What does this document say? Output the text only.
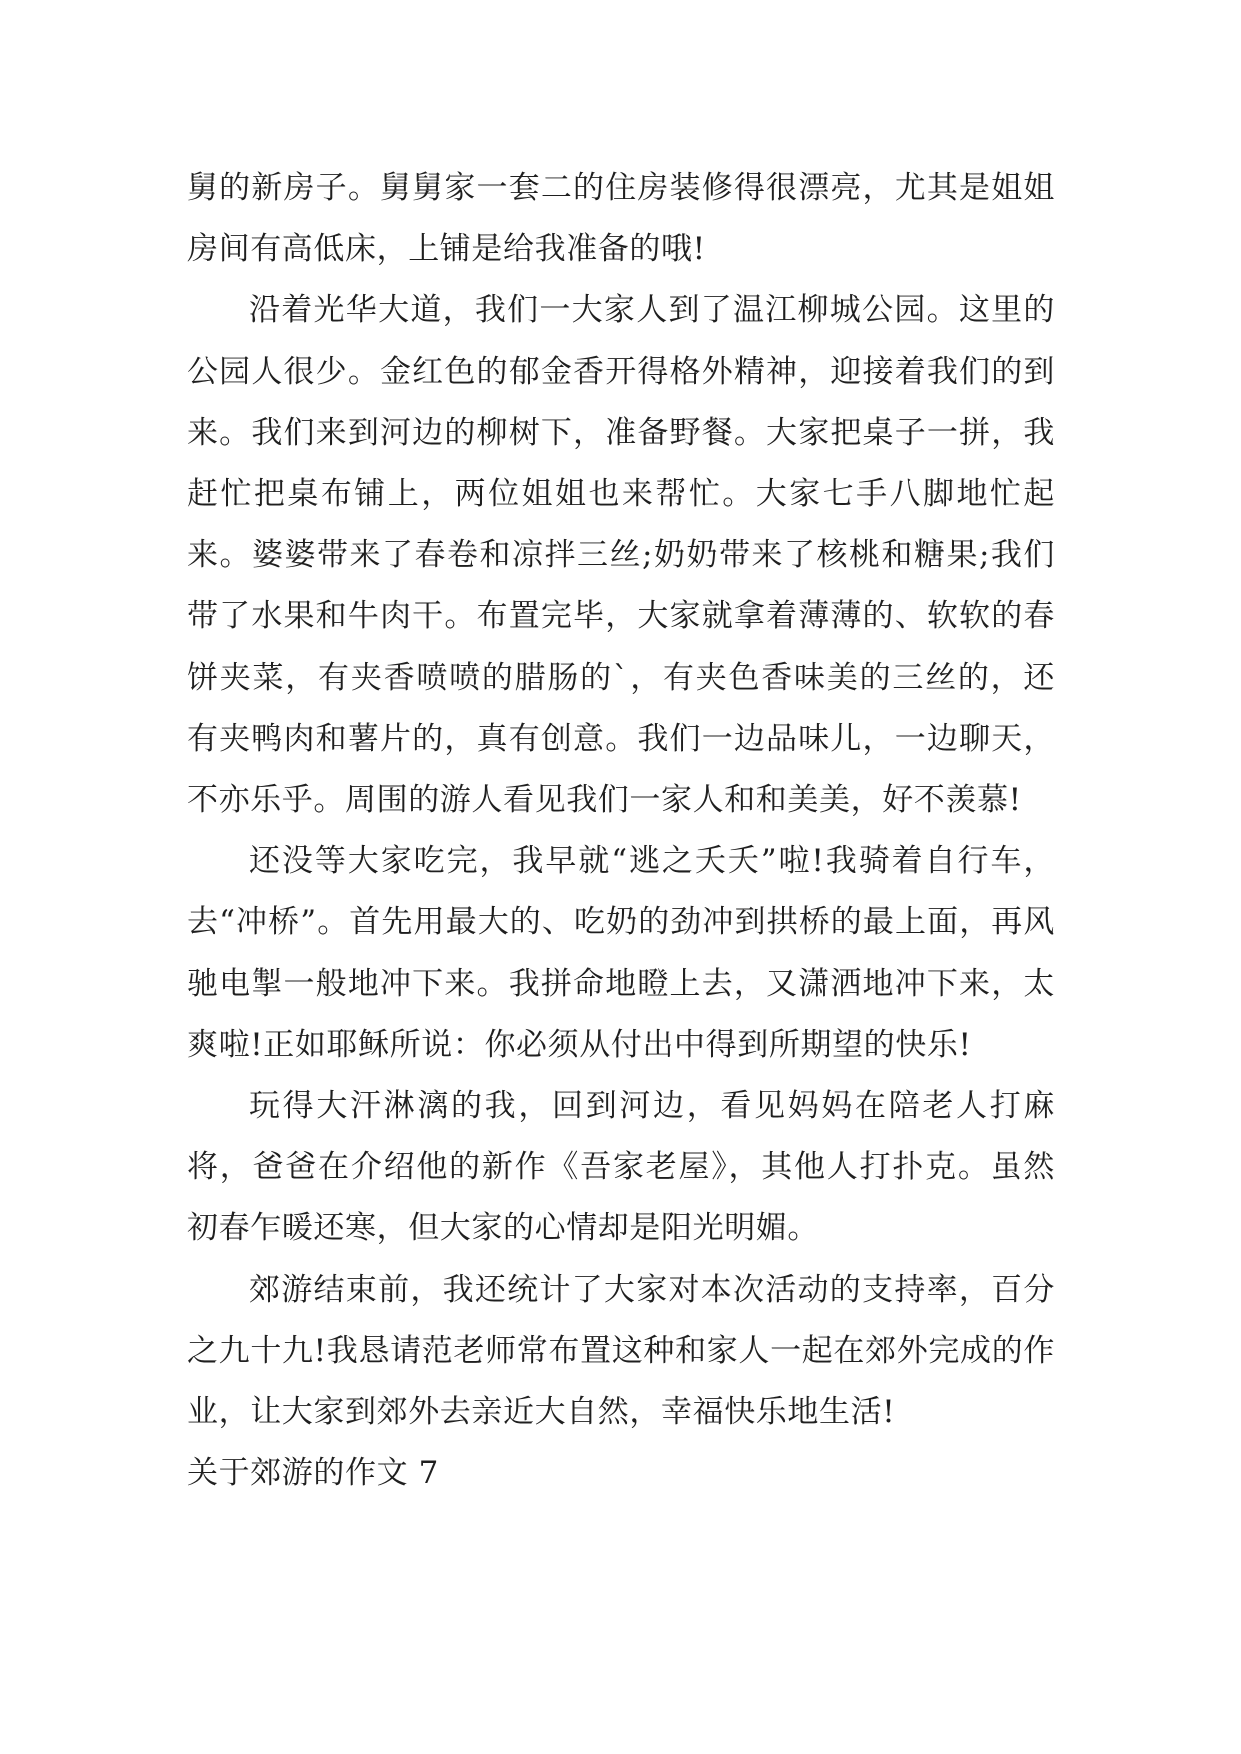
舅的新房子。舅舅家一套二的住房装修得很漂亮，尤其是姐姐房间有高低床，上铺是给我准备的哦!

沿着光华大道，我们一大家人到了温江柳城公园。这里的公园人很少。金红色的郁金香开得格外精神，迎接着我们的到来。我们来到河边的柳树下，准备野餐。大家把桌子一拼，我赶忙把桌布铺上，两位姐姐也来帮忙。大家七手八脚地忙起来。婆婆带来了春卷和凉拌三丝;奶奶带来了核桃和糖果;我们带了水果和牛肉干。布置完毕，大家就拿着薄薄的、软软的春饼夹菜，有夹香喷喷的腊肠的`，有夹色香味美的三丝的，还有夹鸭肉和薯片的，真有创意。我们一边品味儿，一边聊天，不亦乐乎。周围的游人看见我们一家人和和美美，好不羡慕!

还没等大家吃完，我早就“逃之夭夭”啦!我骑着自行车，去“冲桥”。首先用最大的、吃奶的劲冲到拱桥的最上面，再风驰电掣一般地冲下来。我拼命地瞪上去，又潇洒地冲下来，太爽啦!正如耶稣所说：你必须从付出中得到所期望的快乐!

玩得大汗淋漓的我，回到河边，看见妈妈在陪老人打麻将，爸爸在介绍他的新作《吾家老屋》，其他人打扑克。虽然初春乍暖还寒，但大家的心情却是阳光明媚。

郊游结束前，我还统计了大家对本次活动的支持率，百分之九十九!我恳请范老师常布置这种和家人一起在郊外完成的作业，让大家到郊外去亲近大自然，幸福快乐地生活!

关于郊游的作文 7
